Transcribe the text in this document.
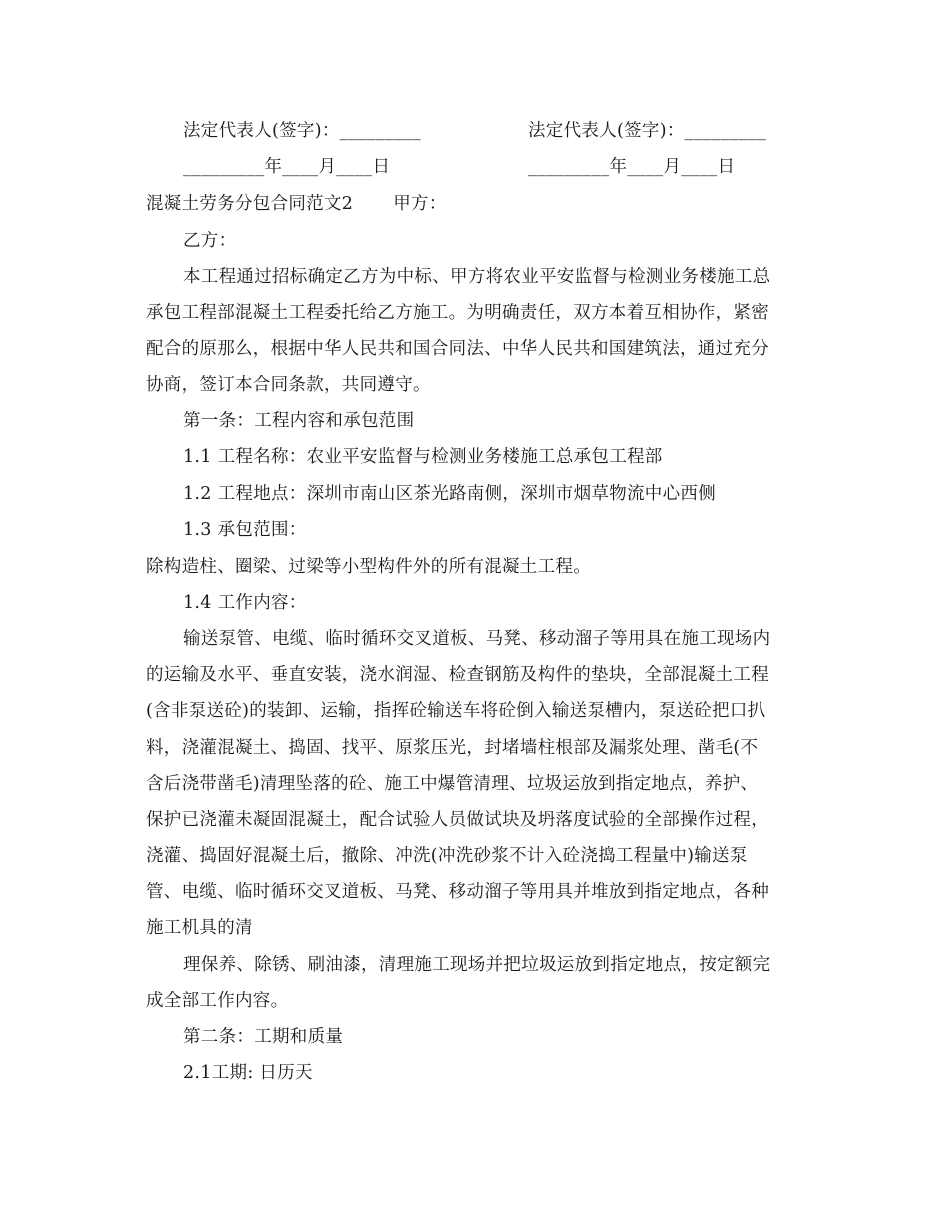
法定代表人(签字)：_________	法定代表人(签字)：_________
_________年____月____日	_________年____月____日
混凝土劳务分包合同范文2 甲方：
乙方：
本工程通过招标确定乙方为中标、甲方将农业平安监督与检测业务楼施工总
承包工程部混凝土工程委托给乙方施工。为明确责任，双方本着互相协作，紧密
配合的原那么，根据中华人民共和国合同法、中华人民共和国建筑法，通过充分
协商，签订本合同条款，共同遵守。
第一条：工程内容和承包范围
1.1 工程名称：农业平安监督与检测业务楼施工总承包工程部
1.2 工程地点：深圳市南山区茶光路南侧，深圳市烟草物流中心西侧
1.3 承包范围：
除构造柱、圈梁、过梁等小型构件外的所有混凝土工程。
1.4 工作内容：
输送泵管、电缆、临时循环交叉道板、马凳、移动溜子等用具在施工现场内
的运输及水平、垂直安装，浇水润湿、检查钢筋及构件的垫块，全部混凝土工程
(含非泵送砼)的装卸、运输，指挥砼输送车将砼倒入输送泵槽内，泵送砼把口扒
料，浇灌混凝土、捣固、找平、原浆压光，封堵墙柱根部及漏浆处理、凿毛(不
含后浇带凿毛)清理坠落的砼、施工中爆管清理、垃圾运放到指定地点，养护、
保护已浇灌未凝固混凝土，配合试验人员做试块及坍落度试验的全部操作过程，
浇灌、捣固好混凝土后，撤除、冲洗(冲洗砂浆不计入砼浇捣工程量中)输送泵
管、电缆、临时循环交叉道板、马凳、移动溜子等用具并堆放到指定地点，各种
施工机具的清
理保养、除锈、刷油漆，清理施工现场并把垃圾运放到指定地点，按定额完
成全部工作内容。
第二条：工期和质量
2.1工期: 日历天
